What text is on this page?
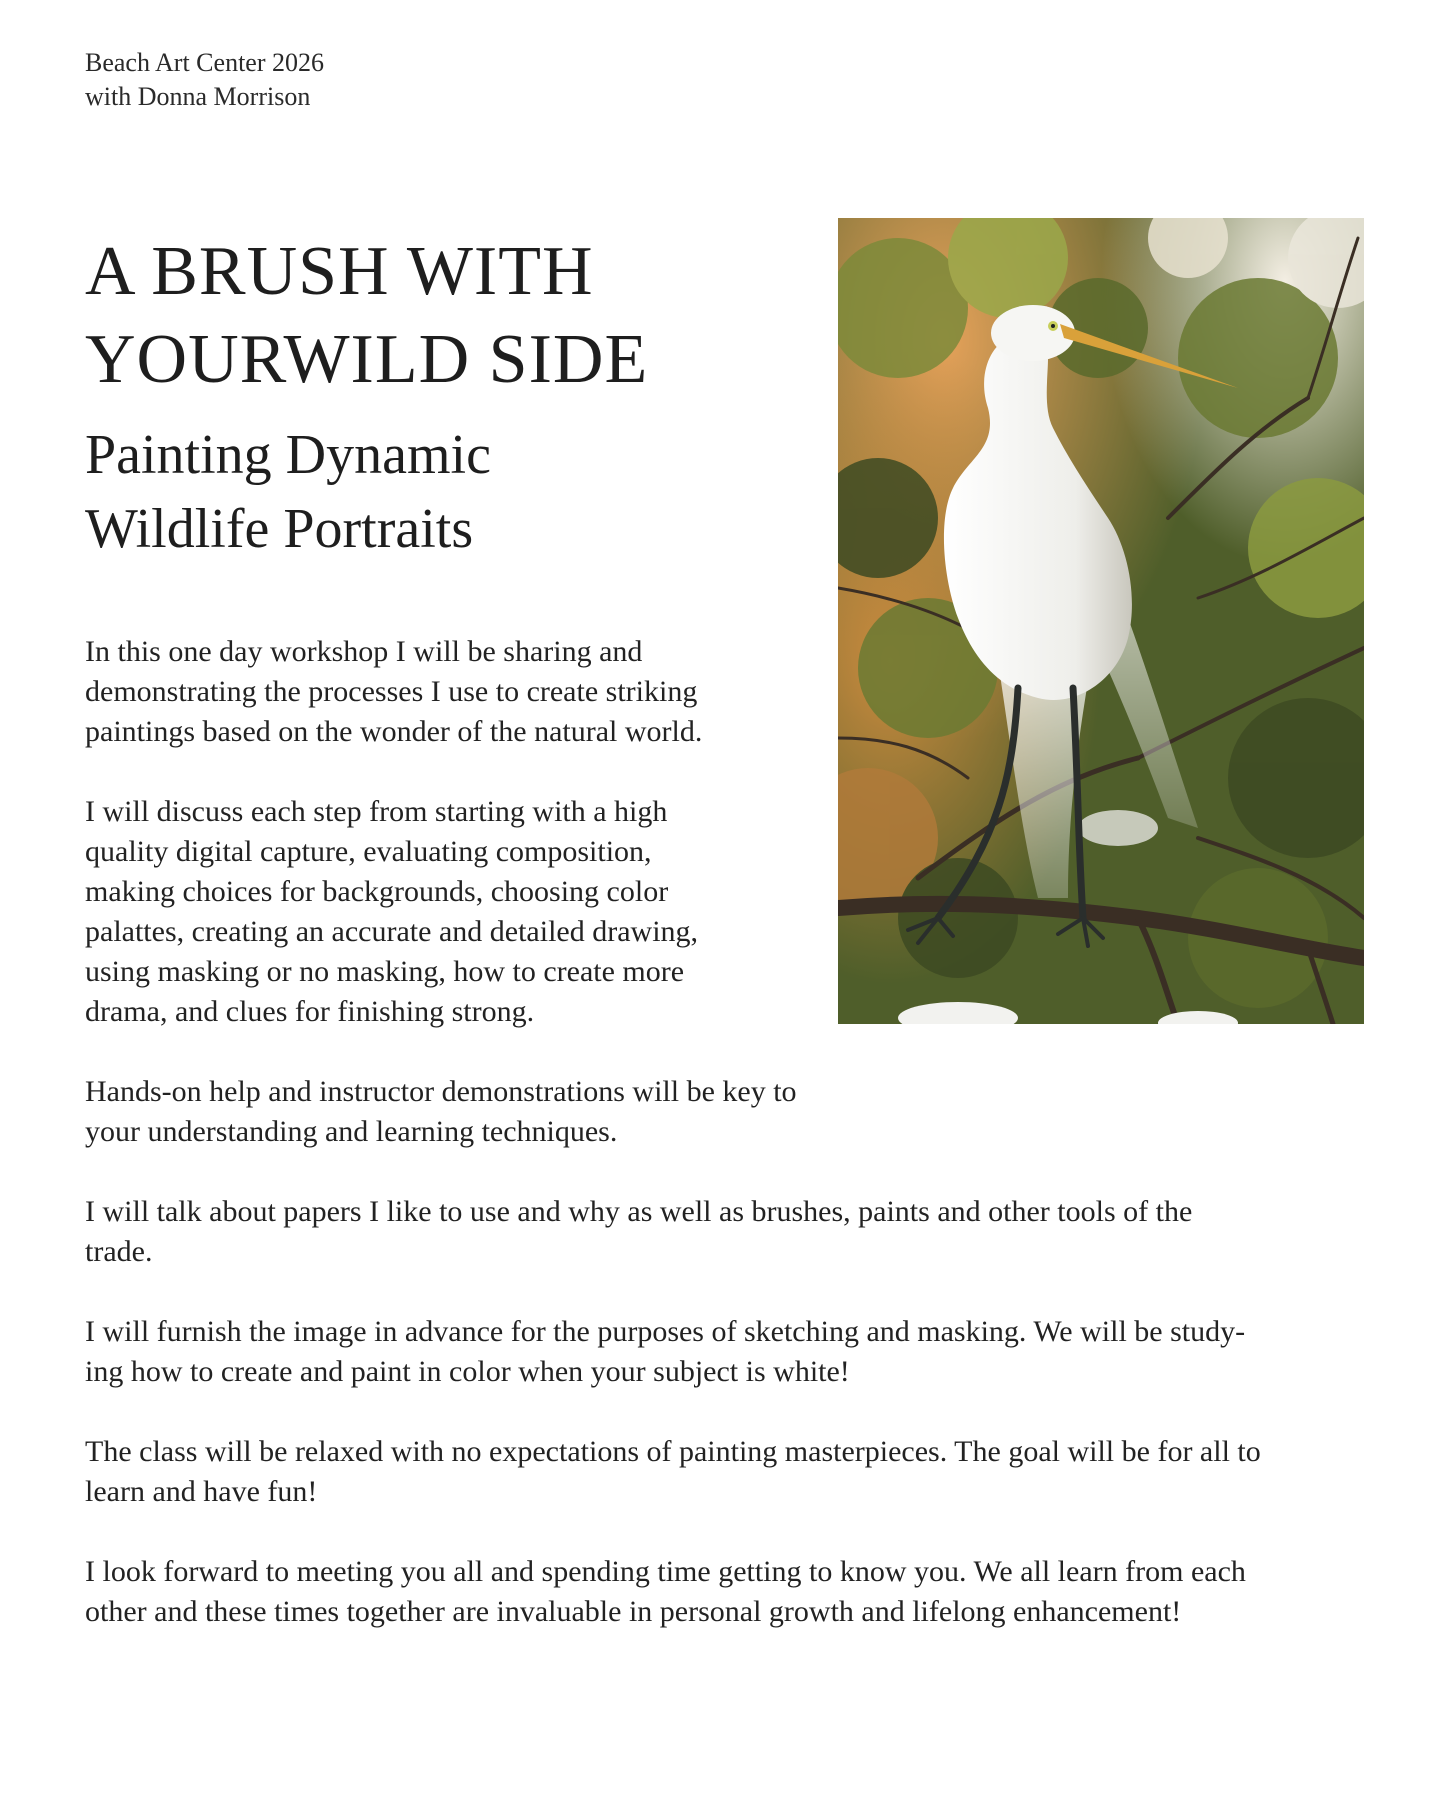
Beach Art Center 2026
with Donna Morrison
A BRUSH WITH
YOURWILD SIDE
Painting Dynamic
Wildlife Portraits

In this one day workshop I will be sharing and
demonstrating the processes I use to create striking
paintings based on the wonder of the natural world.

I will discuss each step from starting with a high
quality digital capture, evaluating composition,
making choices for backgrounds, choosing color
palattes, creating an accurate and detailed drawing,
using masking or no masking, how to create more
drama, and clues for finishing strong.

Hands-on help and instructor demonstrations will be key to
your understanding and learning techniques.

I will talk about papers I like to use and why as well as brushes, paints and other tools of the
trade.

I will furnish the image in advance for the purposes of sketching and masking. We will be study-
ing how to create and paint in color when your subject is white!

The class will be relaxed with no expectations of painting masterpieces. The goal will be for all to
learn and have fun!

I look forward to meeting you all and spending time getting to know you. We all learn from each
other and these times together are invaluable in personal growth and lifelong enhancement!
